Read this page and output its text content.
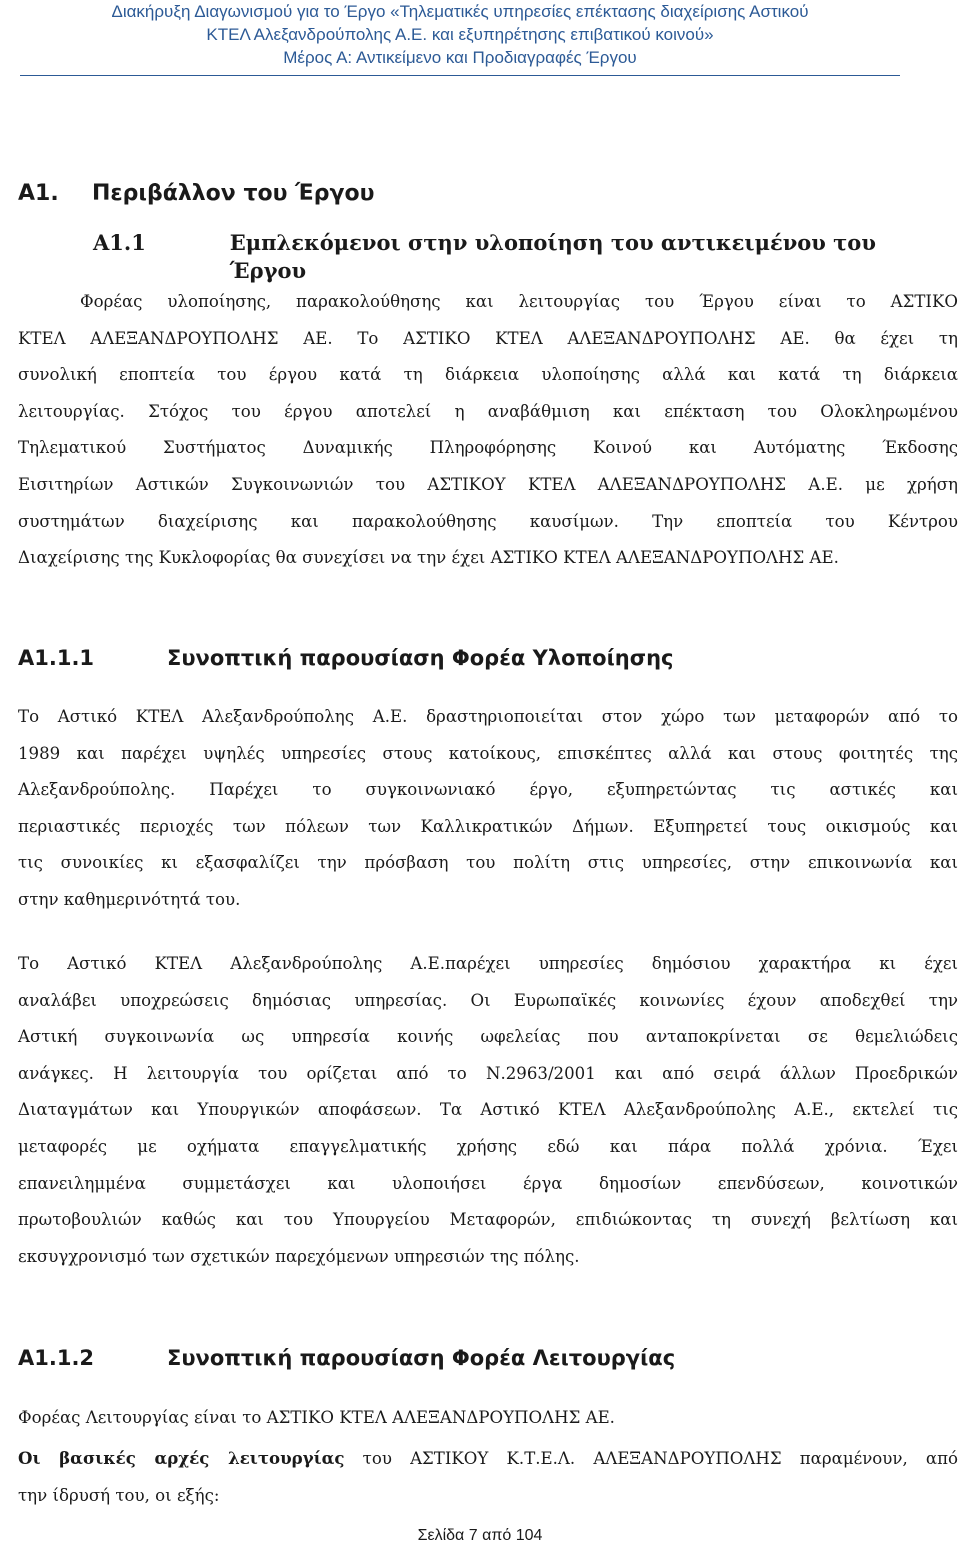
Διακήρυξη Διαγωνισμού για το Έργο «Τηλεματικές υπηρεσίες επέκτασης διαχείρισης Αστικού
ΚΤΕΛ Αλεξανδρούπολης Α.Ε. και εξυπηρέτησης επιβατικού κοινού»
Μέρος Α: Αντικείμενο και Προδιαγραφές Έργου
Α1.	Περιβάλλον του Έργου
Α1.1	Εμπλεκόμενοι στην υλοποίηση του αντικειμένου του Έργου
Φορέας υλοποίησης, παρακολούθησης και λειτουργίας του Έργου είναι το ΑΣΤΙΚΟ
ΚΤΕΛ ΑΛΕΞΑΝΔΡΟΥΠΟΛΗΣ ΑΕ. Το ΑΣΤΙΚΟ ΚΤΕΛ ΑΛΕΞΑΝΔΡΟΥΠΟΛΗΣ ΑΕ. θα έχει τη
συνολική εποπτεία του έργου κατά τη διάρκεια υλοποίησης αλλά και κατά τη διάρκεια
λειτουργίας. Στόχος του έργου αποτελεί η αναβάθμιση και επέκταση του Ολοκληρωμένου
Τηλεματικού Συστήματος Δυναμικής Πληροφόρησης Κοινού και Αυτόματης Έκδοσης
Εισιτηρίων Αστικών Συγκοινωνιών του ΑΣΤΙΚΟΥ ΚΤΕΛ ΑΛΕΞΑΝΔΡΟΥΠΟΛΗΣ Α.Ε. με χρήση
συστημάτων διαχείρισης και παρακολούθησης καυσίμων. Την εποπτεία του Κέντρου
Διαχείρισης της Κυκλοφορίας θα συνεχίσει να την έχει ΑΣΤΙΚΟ ΚΤΕΛ ΑΛΕΞΑΝΔΡΟΥΠΟΛΗΣ ΑΕ.
Α1.1.1	Συνοπτική παρουσίαση Φορέα Υλοποίησης
Το Αστικό ΚΤΕΛ Αλεξανδρούπολης Α.Ε. δραστηριοποιείται στον χώρο των μεταφορών από το
1989 και παρέχει υψηλές υπηρεσίες στους κατοίκους, επισκέπτες αλλά και στους φοιτητές της
Αλεξανδρούπολης. Παρέχει το συγκοινωνιακό έργο, εξυπηρετώντας τις αστικές και
περιαστικές περιοχές των πόλεων των Καλλικρατικών Δήμων. Εξυπηρετεί τους οικισμούς και
τις συνοικίες κι εξασφαλίζει την πρόσβαση του πολίτη στις υπηρεσίες, στην επικοινωνία και
στην καθημερινότητά του.
Το Αστικό ΚΤΕΛ Αλεξανδρούπολης Α.Ε.παρέχει υπηρεσίες δημόσιου χαρακτήρα κι έχει
αναλάβει υποχρεώσεις δημόσιας υπηρεσίας. Οι Ευρωπαϊκές κοινωνίες έχουν αποδεχθεί την
Αστική συγκοινωνία ως υπηρεσία κοινής ωφελείας που ανταποκρίνεται σε θεμελιώδεις
ανάγκες. Η λειτουργία του ορίζεται από το Ν.2963/2001 και από σειρά άλλων Προεδρικών
Διαταγμάτων και Υπουργικών αποφάσεων. Τα Αστικό ΚΤΕΛ Αλεξανδρούπολης Α.Ε., εκτελεί τις
μεταφορές με οχήματα επαγγελματικής χρήσης εδώ και πάρα πολλά χρόνια. Έχει
επανειλημμένα συμμετάσχει και υλοποιήσει έργα δημοσίων επενδύσεων, κοινοτικών
πρωτοβουλιών καθώς και του Υπουργείου Μεταφορών, επιδιώκοντας τη συνεχή βελτίωση και
εκσυγχρονισμό των σχετικών παρεχόμενων υπηρεσιών της πόλης.
Α1.1.2	Συνοπτική παρουσίαση Φορέα Λειτουργίας
Φορέας Λειτουργίας είναι το ΑΣΤΙΚΟ ΚΤΕΛ ΑΛΕΞΑΝΔΡΟΥΠΟΛΗΣ ΑΕ.
Οι βασικές αρχές λειτουργίας του ΑΣΤΙΚΟΥ Κ.Τ.Ε.Λ. ΑΛΕΞΑΝΔΡΟΥΠΟΛΗΣ παραμένουν, από
την ίδρυσή του, οι εξής:
Σελίδα 7 από 104
